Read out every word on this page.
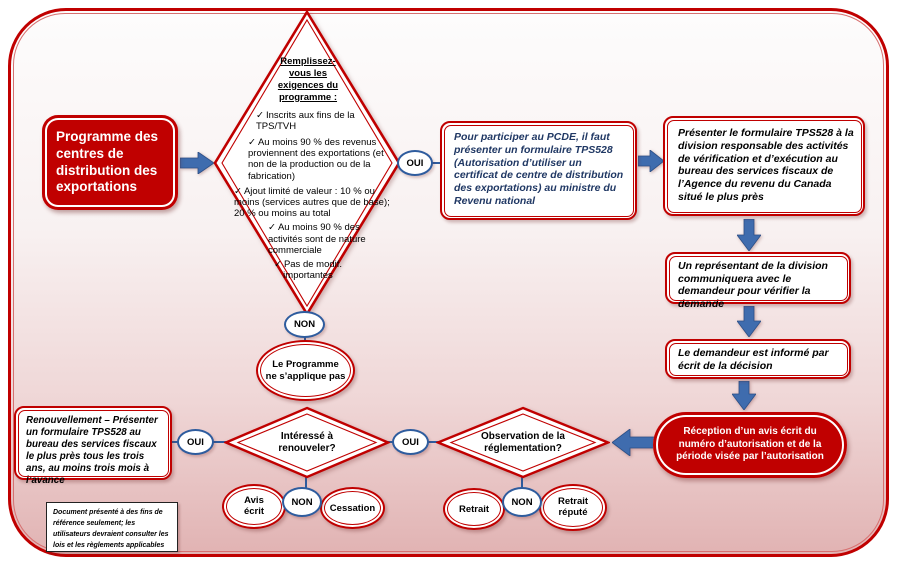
Programme des centres de distribution des exportations
Remplissez-vous les exigences du programme :
✓ Inscrits aux fins de la TPS/TVH
✓ Au moins 90 % des revenus proviennent des exportations (et non de la production ou de la fabrication)
✓ Ajout limité de valeur : 10 % ou moins (services autres que de base); 20 % ou moins au total
✓ Au moins 90 % des activités sont de nature commerciale
✓ Pas de modif. importantes
OUI
Pour participer au PCDE, il faut présenter un formulaire TPS528 (Autorisation d’utiliser un certificat de centre de distribution des exportations) au ministre du Revenu national
Présenter le formulaire TPS528 à la division responsable des activités de vérification et d’exécution au bureau des services fiscaux de l’Agence du revenu du Canada situé le plus près
Un représentant de la division communiquera avec le demandeur pour vérifier la demande
Le demandeur est informé par écrit de la décision
Réception d’un avis écrit du numéro d’autorisation et de la période visée par l’autorisation
NON
Le Programme ne s’applique pas
Renouvellement – Présenter un formulaire TPS528 au bureau des services fiscaux le plus près tous les trois ans, au moins trois mois à l’avance
OUI
Intéressé à renouveler?
OUI
Observation de la réglementation?
Avis écrit	Cessation
NON
Retrait
Retrait réputé
NON
Document présenté à des fins de référence seulement; les utilisateurs devraient consulter les lois et les règlements applicables
